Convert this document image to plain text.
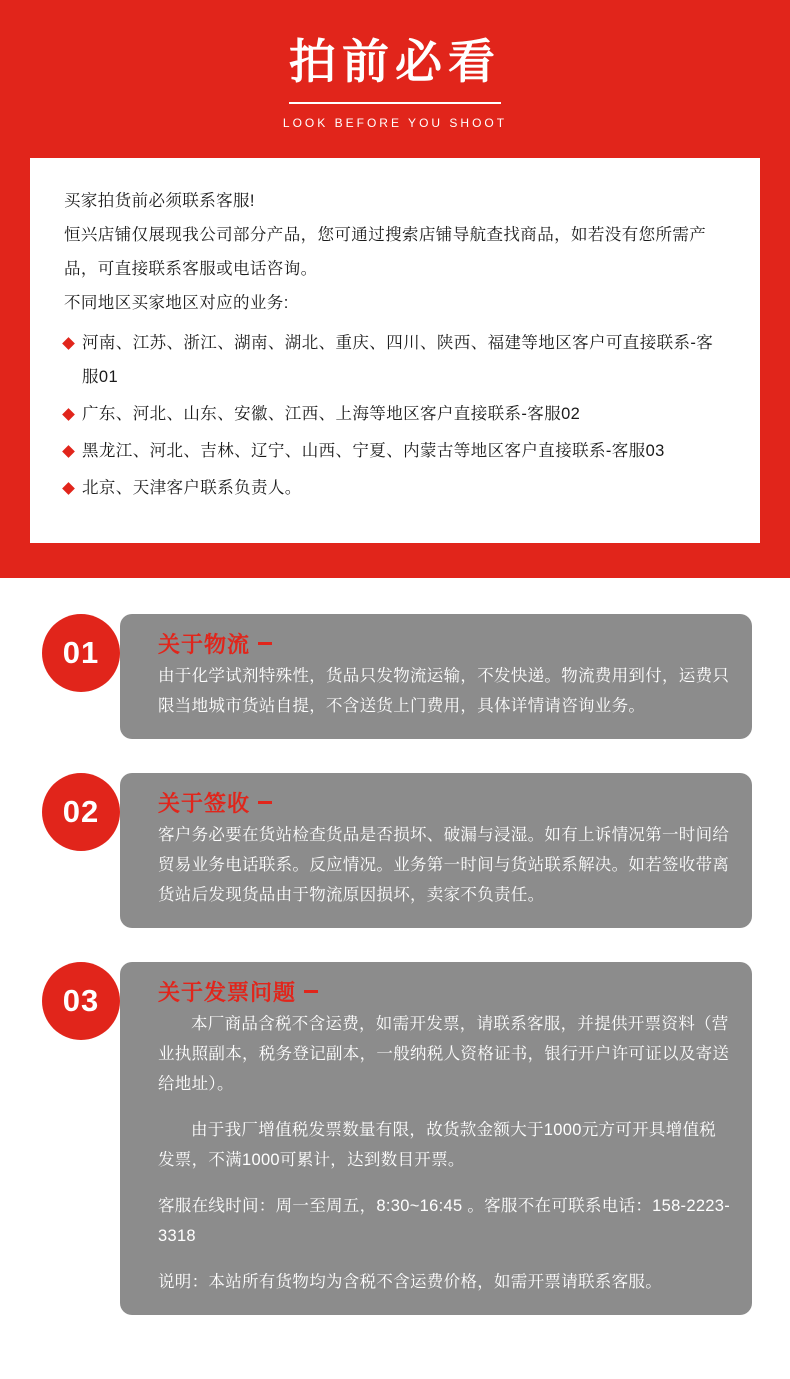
拍前必看
LOOK BEFORE YOU SHOOT

买家拍货前必须联系客服!

恒兴店铺仅展现我公司部分产品，您可通过搜索店铺导航查找商品，如若没有您所需产品，可直接联系客服或电话咨询。

不同地区买家地区对应的业务:

河南、江苏、浙江、湖南、湖北、重庆、四川、陕西、福建等地区客户可直接联系-客服01
广东、河北、山东、安徽、江西、上海等地区客户直接联系-客服02
黑龙江、河北、吉林、辽宁、山西、宁夏、内蒙古等地区客户直接联系-客服03
北京、天津客户联系负责人。
01	关于物流

由于化学试剂特殊性，货品只发物流运输，不发快递。物流费用到付，运费只限当地城市货站自提，不含送货上门费用，具体详情请咨询业务。

02	关于签收

客户务必要在货站检查货品是否损坏、破漏与浸湿。如有上诉情况第一时间给贸易业务电话联系。反应情况。业务第一时间与货站联系解决。如若签收带离货站后发现货品由于物流原因损坏，卖家不负责任。

03	关于发票问题

本厂商品含税不含运费，如需开发票，请联系客服，并提供开票资料（营业执照副本，税务登记副本，一般纳税人资格证书，银行开户许可证以及寄送给地址）。

由于我厂增值税发票数量有限，故货款金额大于1000元方可开具增值税发票，不满1000可累计，达到数目开票。

客服在线时间：周一至周五，8:30~16:45 。客服不在可联系电话：158-2223-3318

说明：本站所有货物均为含税不含运费价格，如需开票请联系客服。
